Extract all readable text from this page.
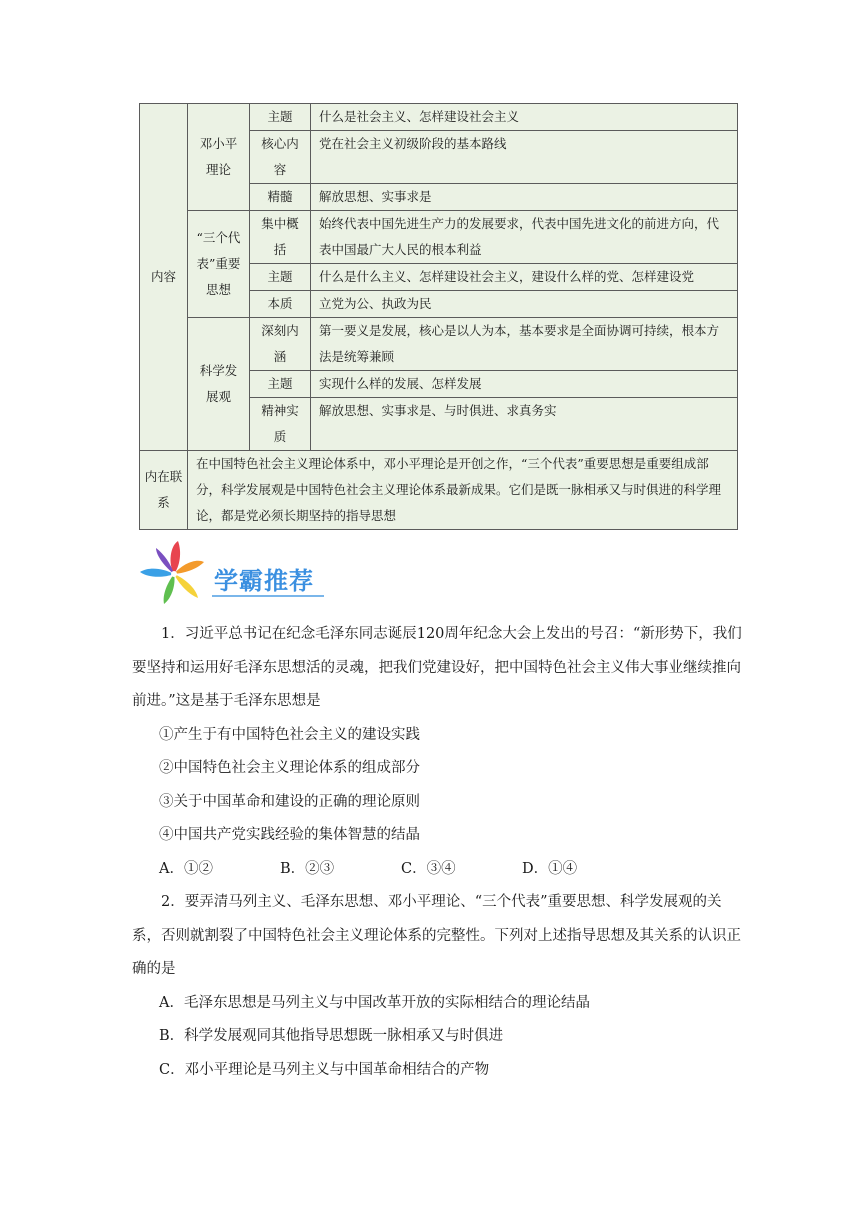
内容	邓小平理论	主题	什么是社会主义、怎样建设社会主义
		核心内容	党在社会主义初级阶段的基本路线
		精髓	解放思想、实事求是
	“三个代表”重要思想	集中概括	始终代表中国先进生产力的发展要求，代表中国先进文化的前进方向，代表中国最广大人民的根本利益
		主题	什么是什么主义、怎样建设社会主义，建设什么样的党、怎样建设党
		本质	立党为公、执政为民
	科学发展观	深刻内涵	第一要义是发展，核心是以人为本，基本要求是全面协调可持续，根本方法是统筹兼顾
		主题	实现什么样的发展、怎样发展
		精神实质	解放思想、实事求是、与时俱进、求真务实
内在联系	在中国特色社会主义理论体系中，邓小平理论是开创之作，“三个代表”重要思想是重要组成部分，科学发展观是中国特色社会主义理论体系最新成果。它们是既一脉相承又与时俱进的科学理论，都是党必须长期坚持的指导思想		
学霸推荐

1．习近平总书记在纪念毛泽东同志诞辰120周年纪念大会上发出的号召：“新形势下，我们要坚持和运用好毛泽东思想活的灵魂，把我们党建设好，把中国特色社会主义伟大事业继续推向前进。”这是基于毛泽东思想是

①产生于有中国特色社会主义的建设实践

②中国特色社会主义理论体系的组成部分

③关于中国革命和建设的正确的理论原则

④中国共产党实践经验的集体智慧的结晶

A．①②	B．②③	C．③④	D．①④

2．要弄清马列主义、毛泽东思想、邓小平理论、“三个代表”重要思想、科学发展观的关系，否则就割裂了中国特色社会主义理论体系的完整性。下列对上述指导思想及其关系的认识正确的是

A．毛泽东思想是马列主义与中国改革开放的实际相结合的理论结晶

B．科学发展观同其他指导思想既一脉相承又与时俱进

C．邓小平理论是马列主义与中国革命相结合的产物
